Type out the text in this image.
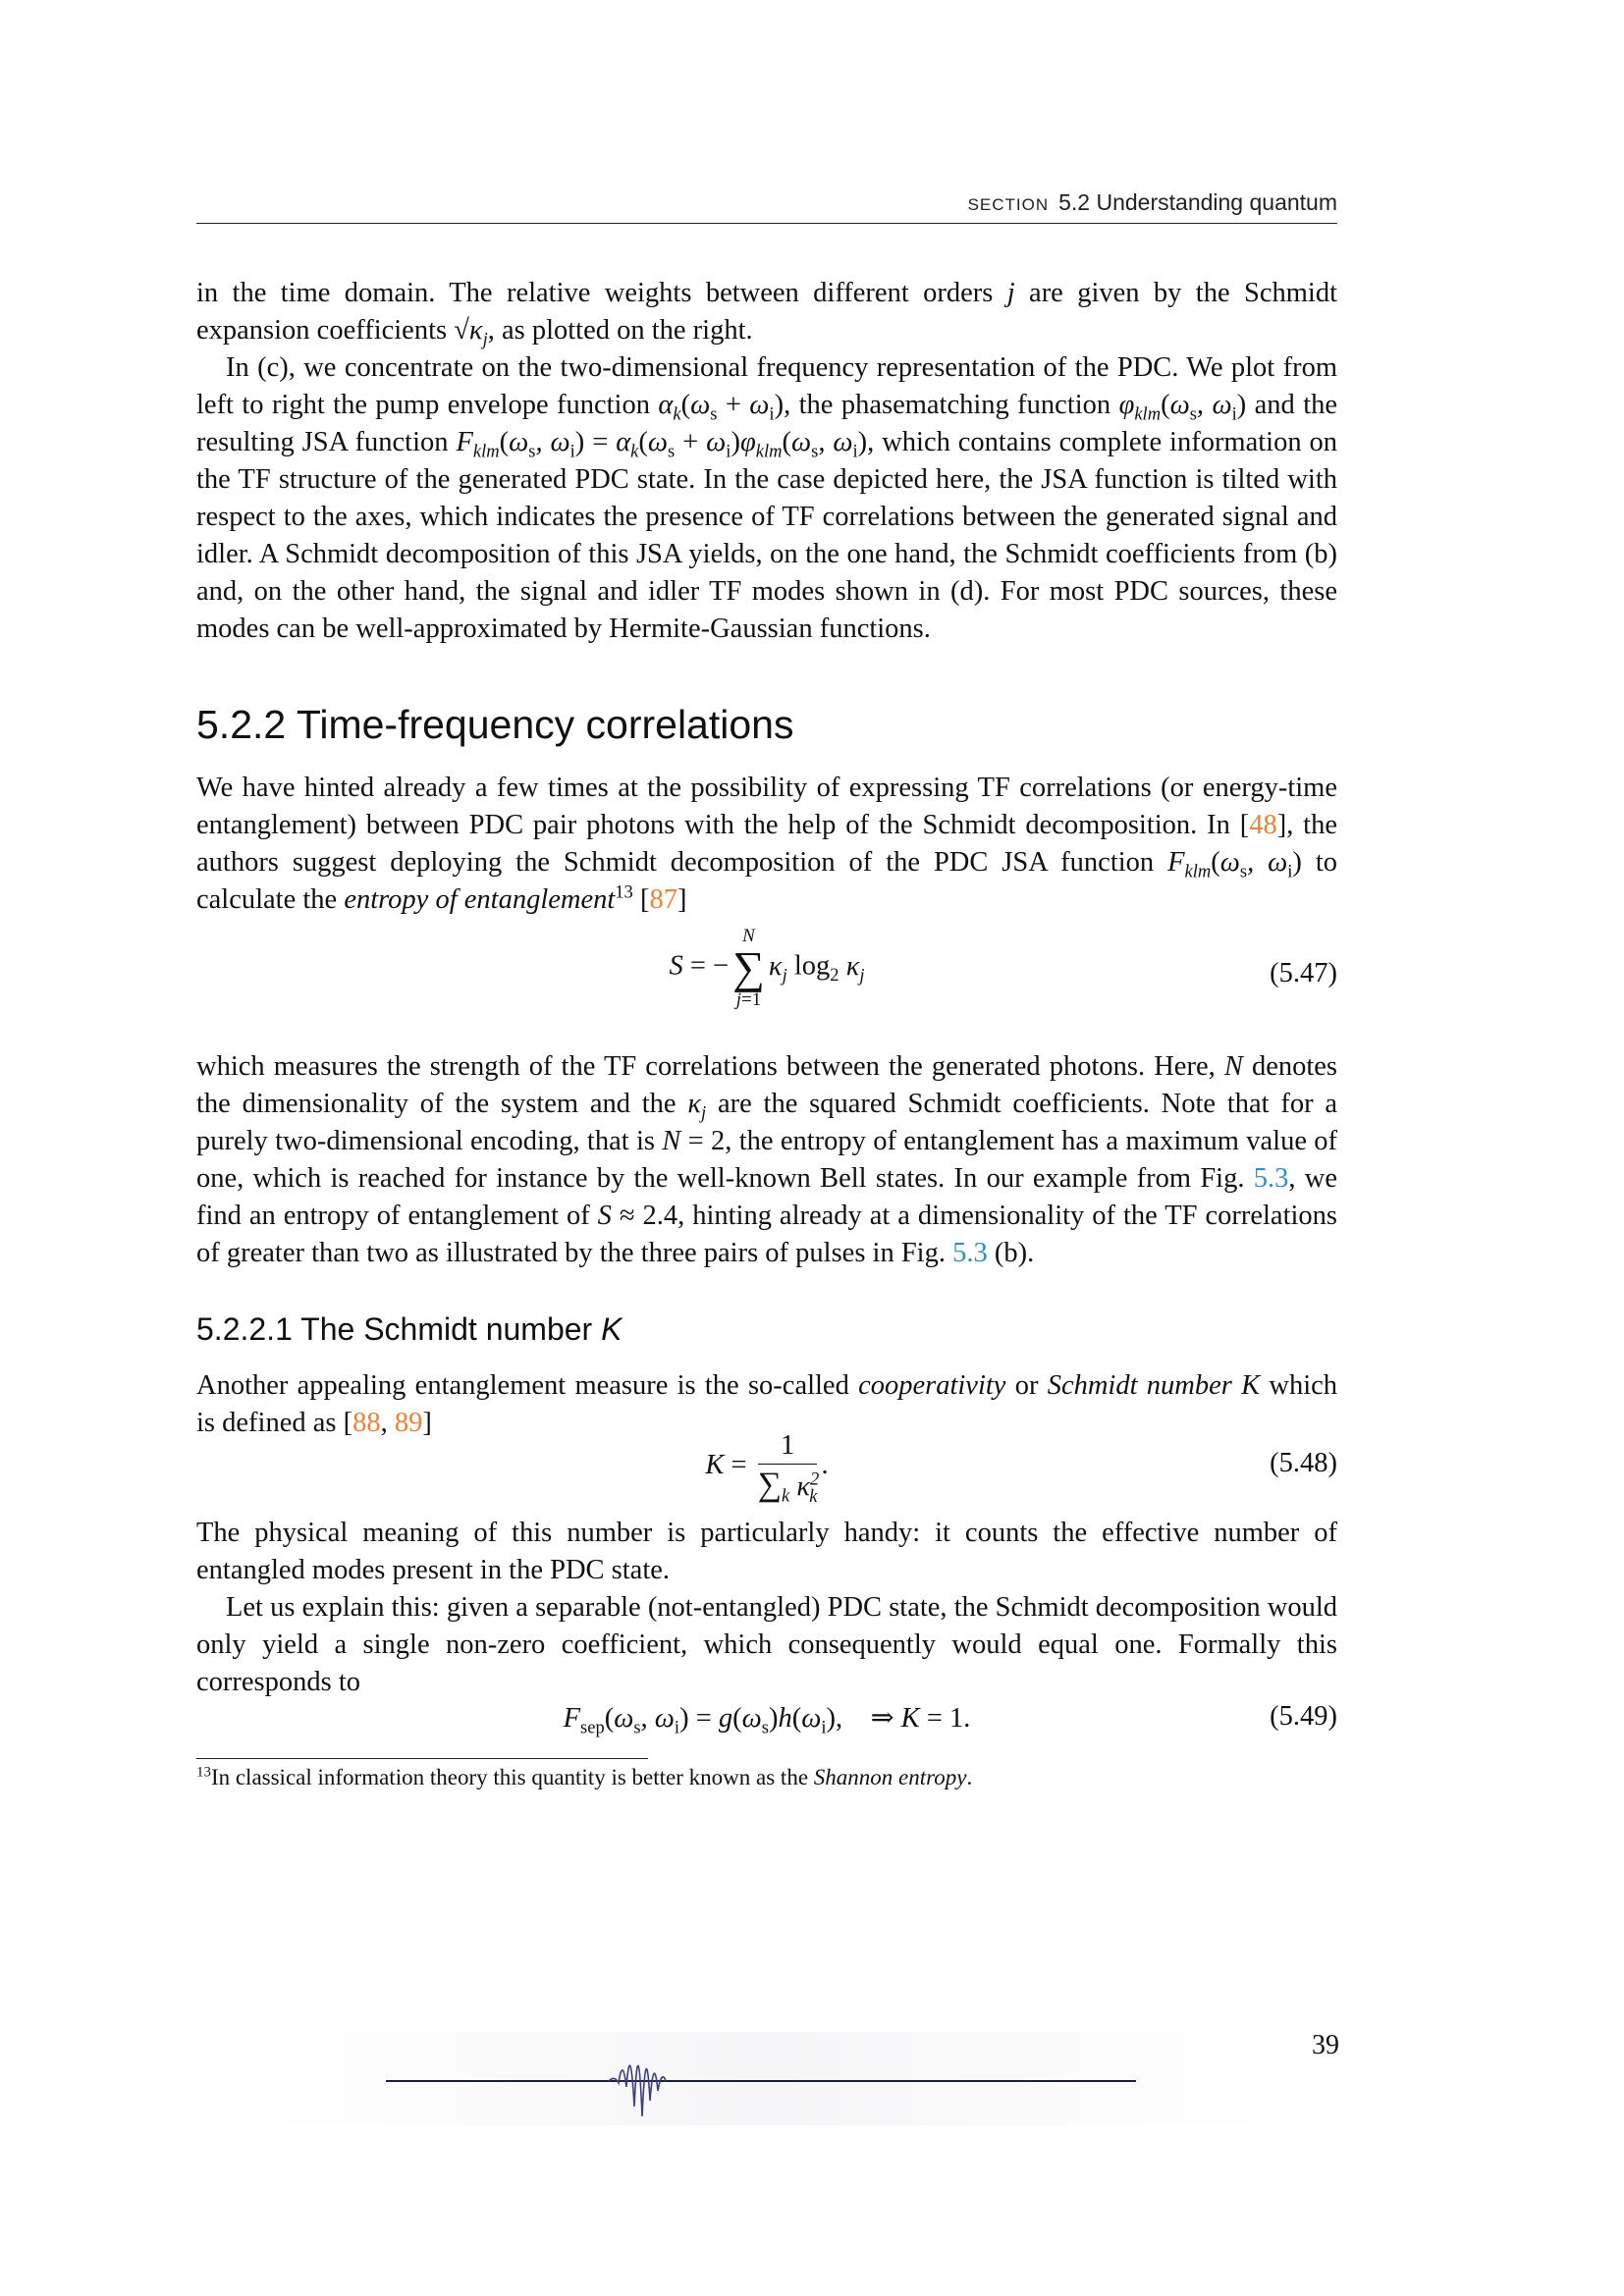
SECTION 5.2 Understanding quantum

in the time domain. The relative weights between different orders j are given by the Schmidt expansion coefficients $√\kappa_j$, as plotted on the right.

In (c), we concentrate on the two-dimensional frequency representation of the PDC. We plot from left to right the pump envelope function $\alpha_k(\omega_s + \omega_i)$, the phasematching function $\varphi_{klm}(\omega_s$, $\omega_i$) and the resulting JSA function $F_{klm}(\omega_s$, $\omega_i) = \alpha_k(\omega_s + \omega_i)\varphi_{klm}(\omega_s$, $\omega_i$), which contains complete information on the TF structure of the generated PDC state. In the case depicted here, the JSA function is tilted with respect to the axes, which indicates the presence of TF correlations between the generated signal and idler. A Schmidt decomposition of this JSA yields, on the one hand, the Schmidt coefficients from (b) and, on the other hand, the signal and idler TF modes shown in (d). For most PDC sources, these modes can be well-approximated by Hermite-Gaussian functions.

5.2.2 Time-frequency correlations

We have hinted already a few times at the possibility of expressing TF correlations (or energy-time entanglement) between PDC pair photons with the help of the Schmidt decomposition. In [48], the authors suggest deploying the Schmidt decomposition of the PDC JSA function $F_{klm}(\omega_s$, $\omega_i$) to calculate the entropy of entanglement$^{13}$ [87]

S = −
N
∑
j=1
$\kappa_j$ $\log_2 \kappa_j$	(5.47)

which measures the strength of the TF correlations between the generated photons. Here, N denotes the dimensionality of the system and the $\kappa_j$ are the squared Schmidt coefficients. Note that for a purely two-dimensional encoding, that is N = 2, the entropy of entanglement has a maximum value of one, which is reached for instance by the well-known Bell states. In our example from Fig. 5.3, we find an entropy of entanglement of S ≈ 2.4, hinting already at a dimensionality of the TF correlations of greater than two as illustrated by the three pairs of pulses in Fig. 5.3 (b).

5.2.2.1 The Schmidt number K

Another appealing entanglement measure is the so-called cooperativity or Schmidt number K which is defined as [88, 89]

$K = \frac{1}{\sum_k \kappa^2_k}$ .	(5.48)

The physical meaning of this number is particularly handy: it counts the effective number of entangled modes present in the PDC state.

Let us explain this: given a separable (not-entangled) PDC state, the Schmidt decomposition would only yield a single non-zero coefficient, which consequently would equal one. Formally this corresponds to

$F_{sep}(\omega_s$, $\omega_i) = g(\omega_s)h(\omega_i)$,    ⇒ K = 1.	(5.49)
$^{13}$In classical information theory this quantity is better known as the Shannon entropy.
39
